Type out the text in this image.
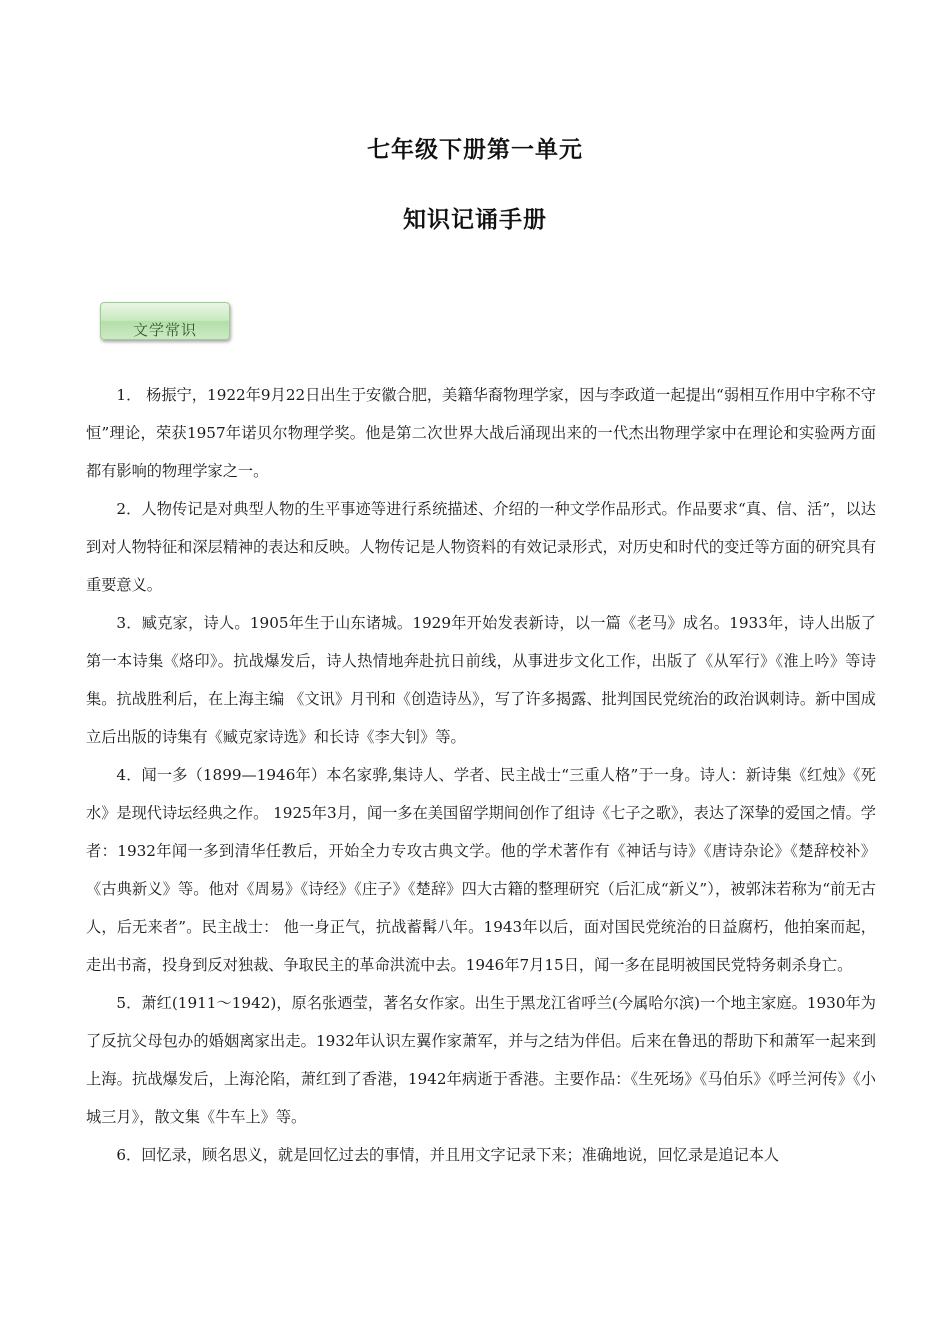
七年级下册第一单元
知识记诵手册
文学常识

1． 杨振宁，1922年9月22日出生于安徽合肥，美籍华裔物理学家，因与李政道一起提出“弱相互作用中宇称不守恒”理论，荣获1957年诺贝尔物理学奖。他是第二次世界大战后涌现出来的一代杰出物理学家中在理论和实验两方面都有影响的物理学家之一。

2．人物传记是对典型人物的生平事迹等进行系统描述、介绍的一种文学作品形式。作品要求“真、信、活”，以达到对人物特征和深层精神的表达和反映。人物传记是人物资料的有效记录形式，对历史和时代的变迁等方面的研究具有重要意义。

3．臧克家，诗人。1905年生于山东诸城。1929年开始发表新诗，以一篇《老马》成名。1933年，诗人出版了第一本诗集《烙印》。抗战爆发后，诗人热情地奔赴抗日前线，从事进步文化工作，出版了《从军行》《淮上吟》等诗集。抗战胜利后，在上海主编 《文讯》月刊和《创造诗丛》，写了许多揭露、批判国民党统治的政治讽刺诗。新中国成立后出版的诗集有《臧克家诗选》和长诗《李大钊》等。

4．闻一多（1899—1946年）本名家骅,集诗人、学者、民主战士“三重人格”于一身。诗人：新诗集《红烛》《死水》是现代诗坛经典之作。 1925年3月，闻一多在美国留学期间创作了组诗《七子之歌》，表达了深挚的爱国之情。学者：1932年闻一多到清华任教后，开始全力专攻古典文学。他的学术著作有《神话与诗》《唐诗杂论》《楚辞校补》《古典新义》等。他对《周易》《诗经》《庄子》《楚辞》四大古籍的整理研究（后汇成“新义”），被郭沫若称为“前无古人，后无来者”。民主战士： 他一身正气，抗战蓄髯八年。1943年以后，面对国民党统治的日益腐朽，他拍案而起，走出书斋，投身到反对独裁、争取民主的革命洪流中去。1946年7月15日，闻一多在昆明被国民党特务刺杀身亡。

5．萧红(1911～1942)，原名张迺莹，著名女作家。出生于黑龙江省呼兰(今属哈尔滨)一个地主家庭。1930年为了反抗父母包办的婚姻离家出走。1932年认识左翼作家萧军，并与之结为伴侣。后来在鲁迅的帮助下和萧军一起来到上海。抗战爆发后，上海沦陷，萧红到了香港，1942年病逝于香港。主要作品：《生死场》《马伯乐》《呼兰河传》《小城三月》，散文集《牛车上》等。

6．回忆录，顾名思义，就是回忆过去的事情，并且用文字记录下来；准确地说，回忆录是追记本人
